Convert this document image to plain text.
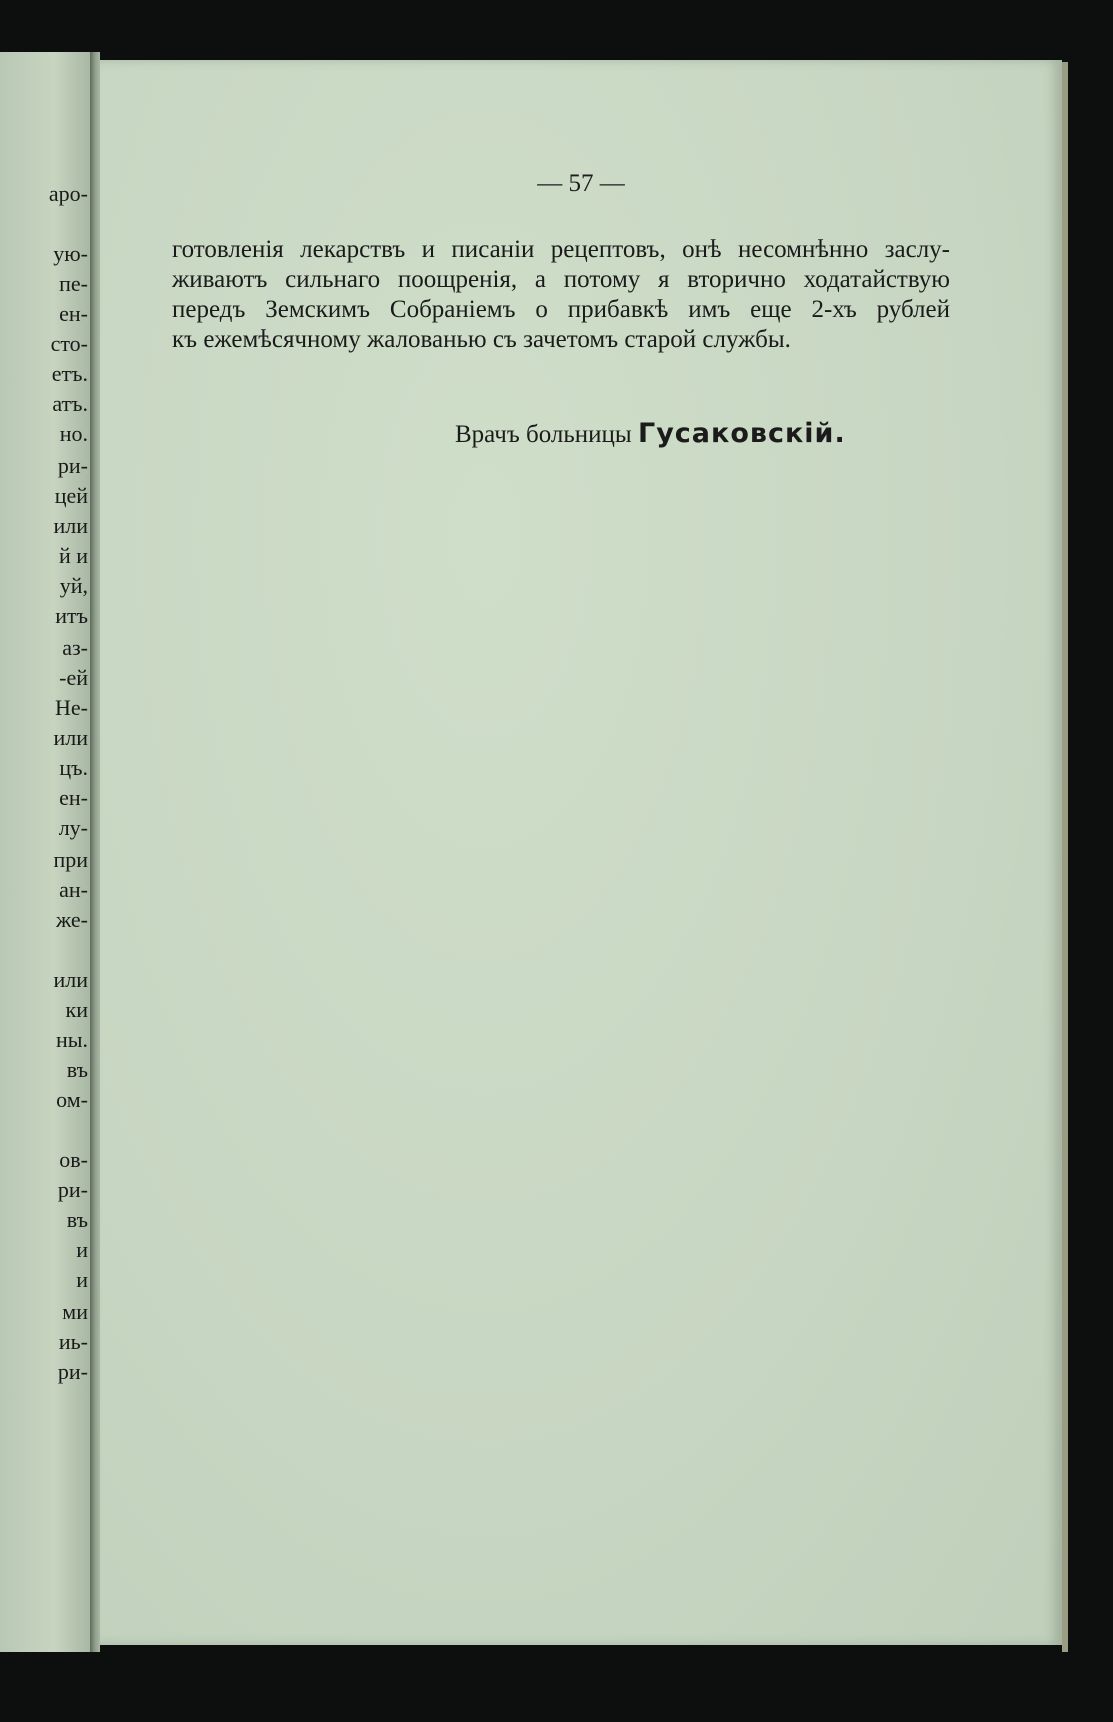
аро-
ую-
пе-
ен-
сто-
етъ.
атъ.
но.
ри-
цей
или
й и
уй,
итъ
аз-
-ей
Не-
или
цъ.
ен-
лу-
при
ан-
же-
или
ки
ны.
въ
ом-
ов-
ри-
въ
и
и
ми
иь-
ри-
— 57 —
готовленія лекарствъ и писаніи рецептовъ, онѣ несомнѣнно заслу-
живаютъ сильнаго поощренія, а потому я вторично ходатайствую
передъ Земскимъ Собраніемъ о прибавкѣ имъ еще 2-хъ рублей
къ ежемѣсячному жалованью съ зачетомъ старой службы.
Врачъ больницы Гусаковскій.
